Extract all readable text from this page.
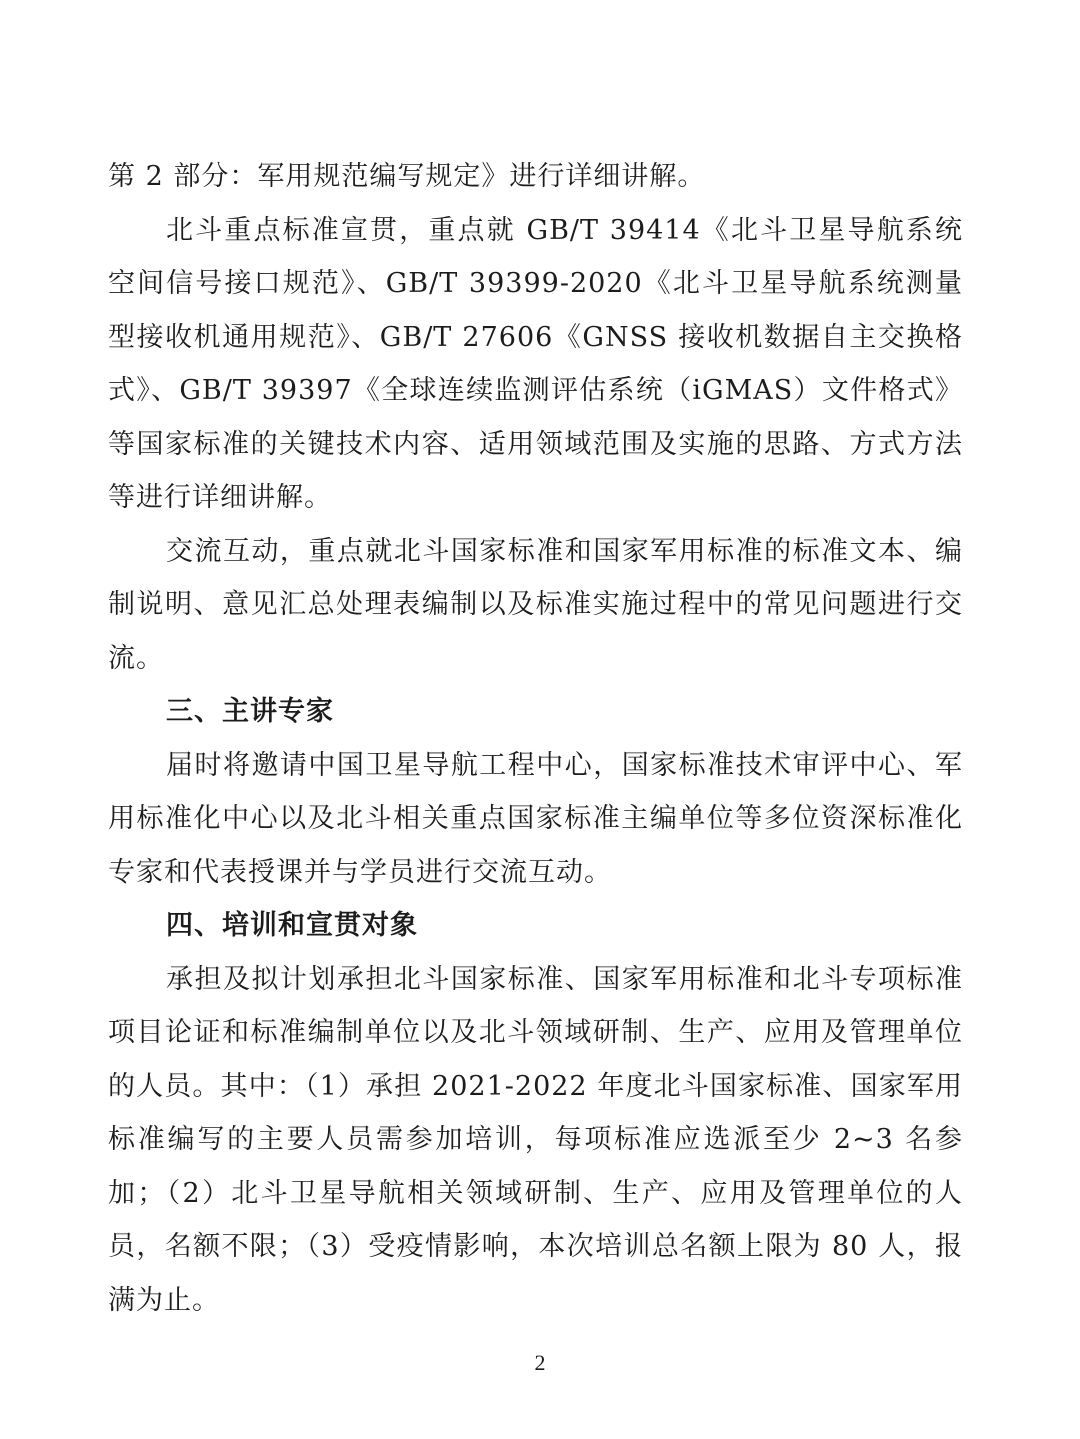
第 2 部分：军用规范编写规定》进行详细讲解。

北斗重点标准宣贯，重点就 GB/T 39414《北斗卫星导航系统空间信号接口规范》、GB/T 39399-2020《北斗卫星导航系统测量型接收机通用规范》、GB/T 27606《GNSS 接收机数据自主交换格式》、GB/T 39397《全球连续监测评估系统（iGMAS）文件格式》等国家标准的关键技术内容、适用领域范围及实施的思路、方式方法等进行详细讲解。

交流互动，重点就北斗国家标准和国家军用标准的标准文本、编制说明、意见汇总处理表编制以及标准实施过程中的常见问题进行交流。

三、主讲专家

届时将邀请中国卫星导航工程中心，国家标准技术审评中心、军用标准化中心以及北斗相关重点国家标准主编单位等多位资深标准化专家和代表授课并与学员进行交流互动。

四、培训和宣贯对象

承担及拟计划承担北斗国家标准、国家军用标准和北斗专项标准项目论证和标准编制单位以及北斗领域研制、生产、应用及管理单位的人员。其中：（1）承担 2021-2022 年度北斗国家标准、国家军用标准编写的主要人员需参加培训，每项标准应选派至少 2~3 名参加；（2）北斗卫星导航相关领域研制、生产、应用及管理单位的人员，名额不限；（3）受疫情影响，本次培训总名额上限为 80 人，报满为止。

2
